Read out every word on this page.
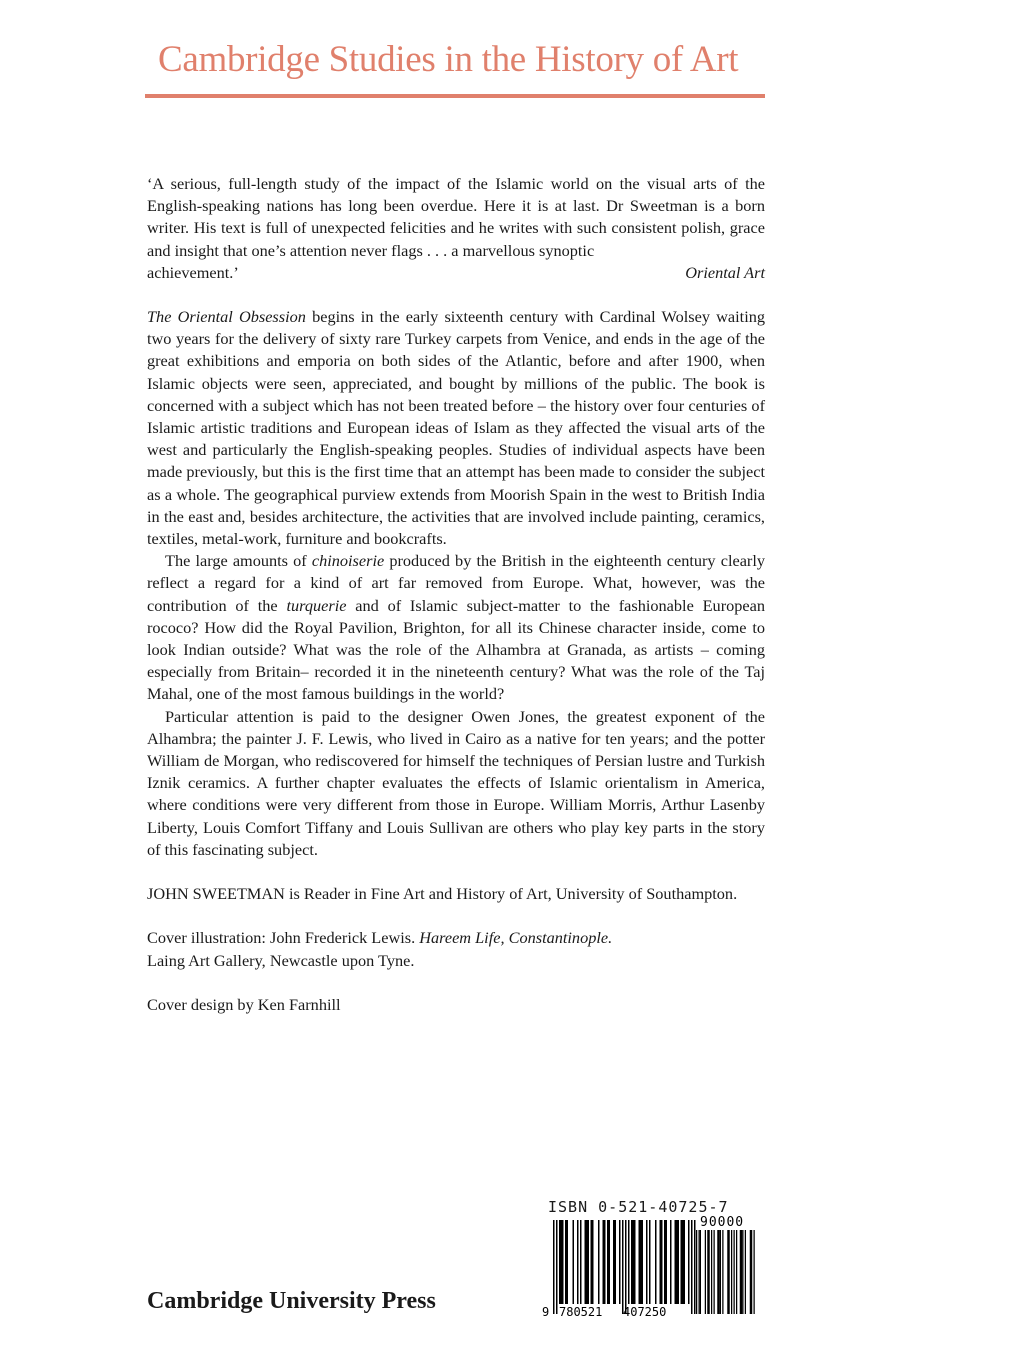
Cambridge Studies in the History of Art

‘A serious, full-length study of the impact of the Islamic world on the visual arts of the English-speaking nations has long been overdue. Here it is at last. Dr Sweetman is a born writer. His text is full of unexpected felicities and he writes with such consistent polish, grace and insight that one’s attention never flags . . . a marvellous synoptic

achievement.’	Oriental Art

The Oriental Obsession begins in the early sixteenth century with Cardinal Wolsey waiting two years for the delivery of sixty rare Turkey carpets from Venice, and ends in the age of the great exhibitions and emporia on both sides of the Atlantic, before and after 1900, when Islamic objects were seen, appreciated, and bought by millions of the public. The book is concerned with a subject which has not been treated before – the history over four centuries of Islamic artistic traditions and European ideas of Islam as they affected the visual arts of the west and particularly the English-speaking peoples. Studies of individual aspects have been made previously, but this is the first time that an attempt has been made to consider the subject as a whole. The geographical purview extends from Moorish Spain in the west to British India in the east and, besides architecture, the activities that are involved include painting, ceramics, textiles, metal-work, furniture and bookcrafts.

The large amounts of chinoiserie produced by the British in the eighteenth century clearly reflect a regard for a kind of art far removed from Europe. What, however, was the contribution of the turquerie and of Islamic subject-matter to the fashionable European rococo? How did the Royal Pavilion, Brighton, for all its Chinese character inside, come to look Indian outside? What was the role of the Alhambra at Granada, as artists – coming especially from Britain– recorded it in the nineteenth century? What was the role of the Taj Mahal, one of the most famous buildings in the world?

Particular attention is paid to the designer Owen Jones, the greatest exponent of the Alhambra; the painter J. F. Lewis, who lived in Cairo as a native for ten years; and the potter William de Morgan, who rediscovered for himself the techniques of Persian lustre and Turkish Iznik ceramics. A further chapter evaluates the effects of Islamic orientalism in America, where conditions were very different from those in Europe. William Morris, Arthur Lasenby Liberty, Louis Comfort Tiffany and Louis Sullivan are others who play key parts in the story of this fascinating subject.

JOHN SWEETMAN is Reader in Fine Art and History of Art, University of Southampton.

Cover illustration: John Frederick Lewis. Hareem Life, Constantinople.
Laing Art Gallery, Newcastle upon Tyne.

Cover design by Ken Farnhill

Cambridge University Press
ISBN 0-521-40725-7
9 780521 407250
90000
